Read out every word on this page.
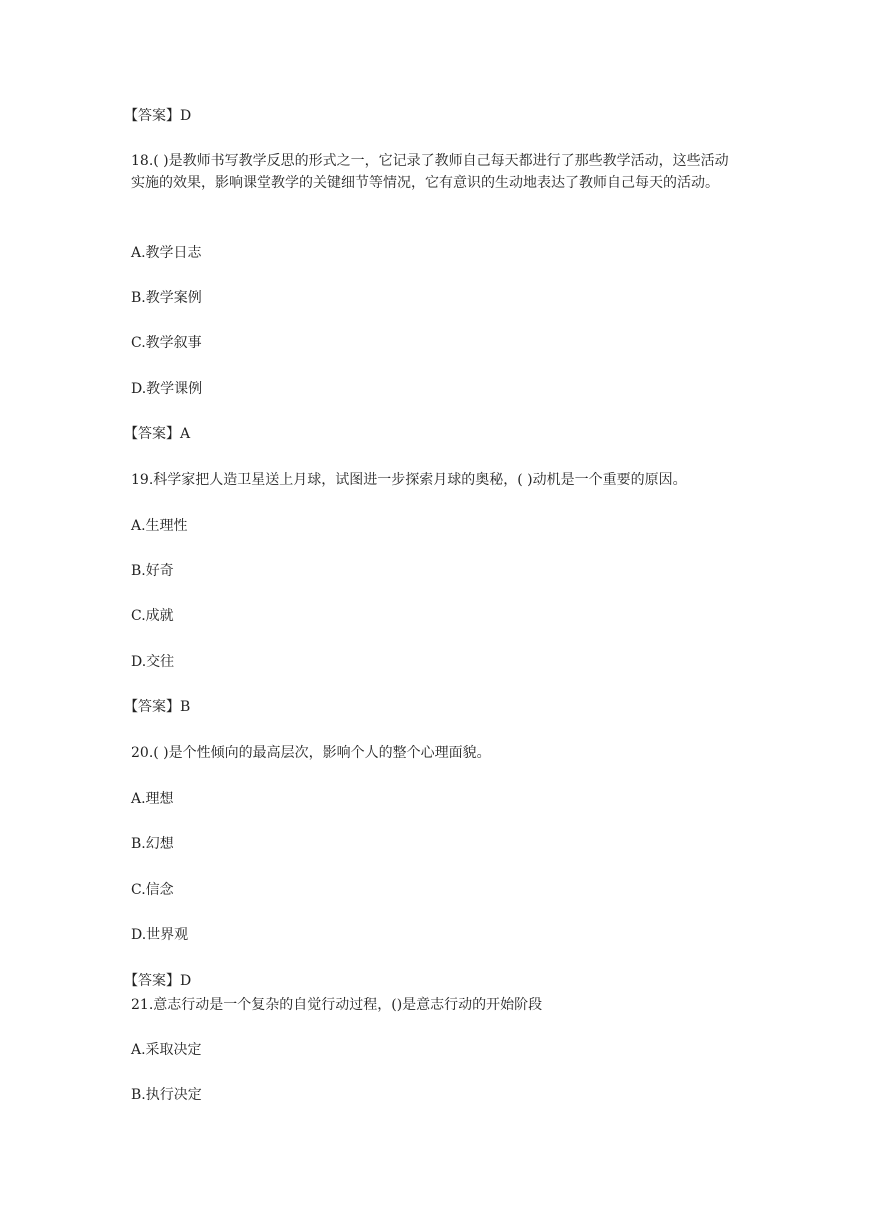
【答案】D
18.( )是教师书写教学反思的形式之一，它记录了教师自己每天都进行了那些教学活动，这些活动实施的效果，影响课堂教学的关键细节等情况，它有意识的生动地表达了教师自己每天的活动。
A.教学日志
B.教学案例
C.教学叙事
D.教学课例
【答案】A
19.科学家把人造卫星送上月球，试图进一步探索月球的奥秘，( )动机是一个重要的原因。
A.生理性
B.好奇
C.成就
D.交往
【答案】B
20.( )是个性倾向的最高层次，影响个人的整个心理面貌。
A.理想
B.幻想
C.信念
D.世界观
【答案】D
21.意志行动是一个复杂的自觉行动过程，()是意志行动的开始阶段
A.采取决定
B.执行决定
